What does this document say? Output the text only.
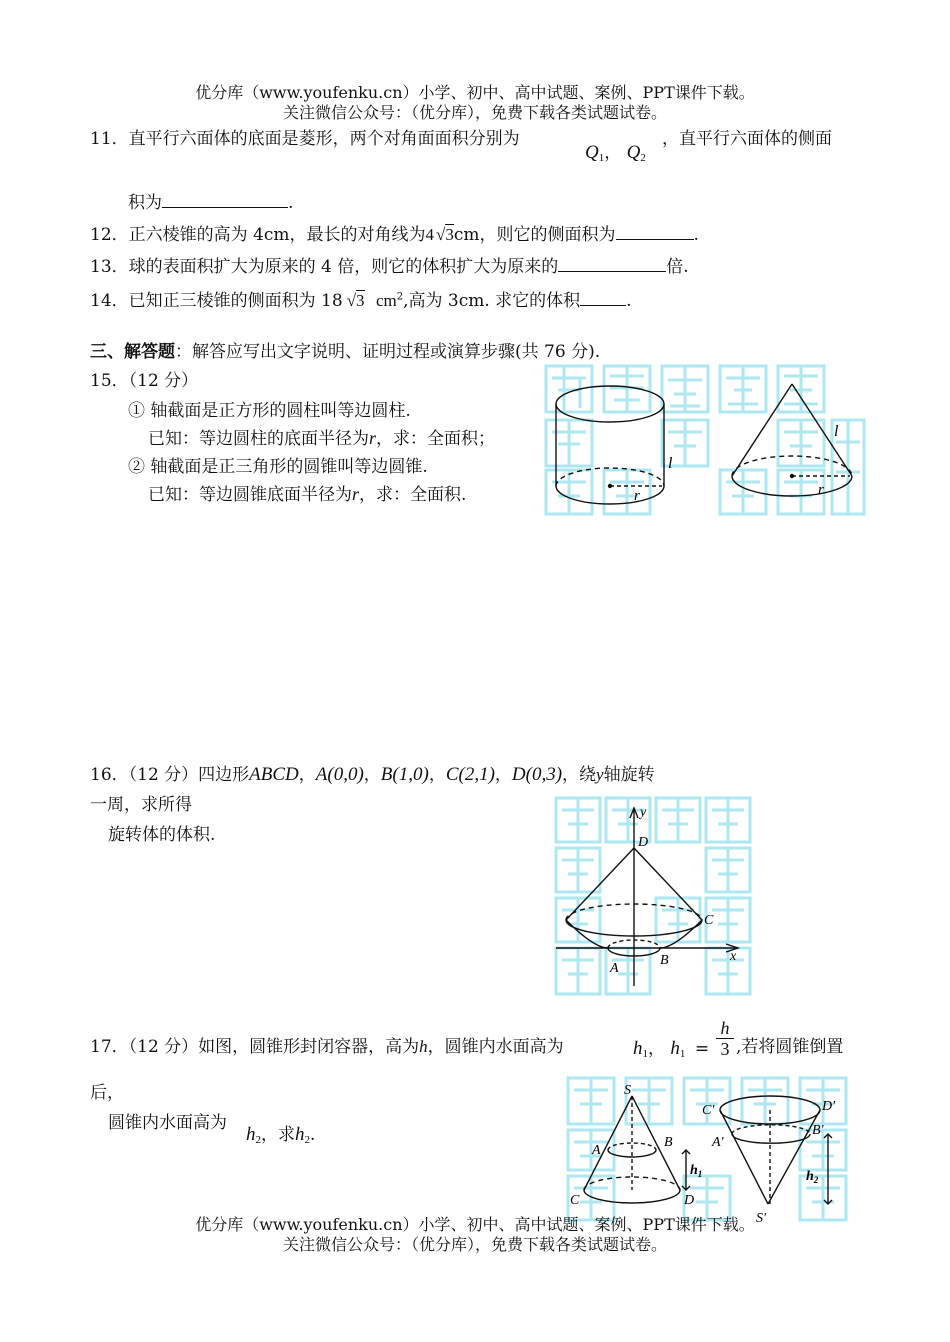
优分库（www.youfenku.cn）小学、初中、高中试题、案例、PPT课件下载。
关注微信公众号：（优分库），免费下载各类试题试卷。
11．直平行六面体的底面是菱形，两个对角面面积分别为
Q1， Q2
，直平行六面体的侧面
积为	.
12．正六棱锥的高为 4cm，最长的对角线为4 √3cm，则它的侧面积为	.
13．球的表面积扩大为原来的 4 倍，则它的体积扩大为原来的	倍.
14．已知正三棱锥的侧面积为 18 √3 $cm^2$,高为 3cm. 求它的体积	.
三、解答题：解答应写出文字说明、证明过程或演算步骤(共 76 分).
15．（12 分）
① 轴截面是正方形的圆柱叫等边圆柱.
已知：等边圆柱的底面半径为r，求：全面积；
② 轴截面是正三角形的圆锥叫等边圆锥.
已知：等边圆锥底面半径为r，求：全面积.
l
r
l
r
16．（12 分）四边形ABCD，A(0,0)，B(1,0)，C(2,1)，D(0,3)，绕y轴旋转
一周，求所得
旋转体的体积.
y
x
D
C
A
B
17．（12 分）如图，圆锥形封闭容器，高为h，圆锥内水面高为	h1， $h1 = \frac{h}{3}$ ,若将圆锥倒置
后，
圆锥内水面高为
h2，求h2.
S
A
B
C	D
$h_1$
C'	D'
A'
B'
S'
$h_2$
优分库（www.youfenku.cn）小学、初中、高中试题、案例、PPT课件下载。
关注微信公众号：（优分库），免费下载各类试题试卷。
